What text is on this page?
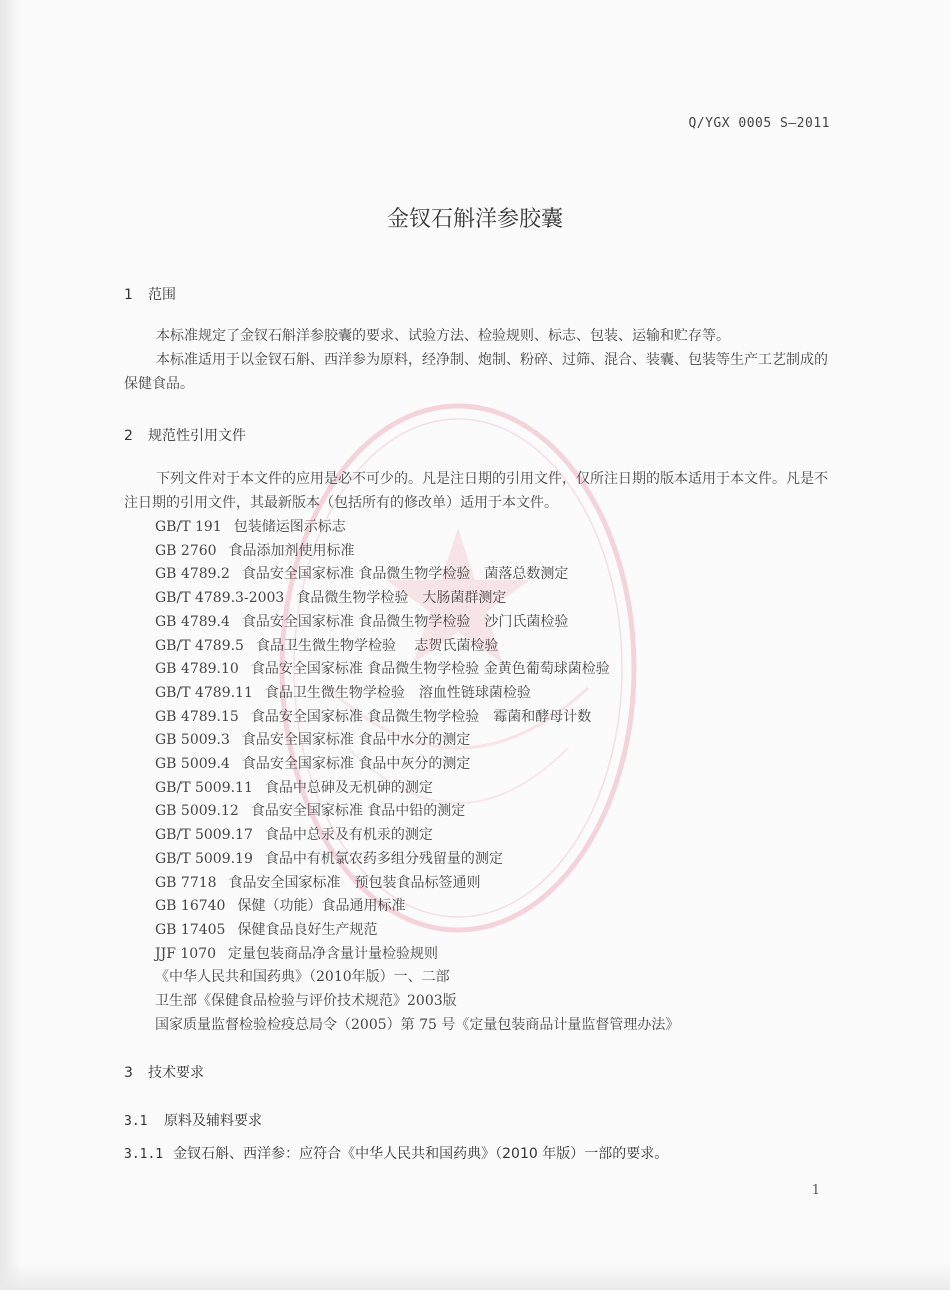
Q/YGX 0005 S—2011
金钗石斛洋参胶囊
1 范围
本标准规定了金钗石斛洋参胶囊的要求、试验方法、检验规则、标志、包装、运输和贮存等。
本标准适用于以金钗石斛、西洋参为原料，经净制、炮制、粉碎、过筛、混合、装囊、包装等生产工艺制成的保健食品。
2 规范性引用文件
下列文件对于本文件的应用是必不可少的。凡是注日期的引用文件，仅所注日期的版本适用于本文件。凡是不注日期的引用文件，其最新版本（包括所有的修改单）适用于本文件。
GB/T 191 包装储运图示标志
GB 2760 食品添加剂使用标准
GB 4789.2 食品安全国家标准 食品微生物学检验　菌落总数测定
GB/T 4789.3-2003 食品微生物学检验　大肠菌群测定
GB 4789.4 食品安全国家标准 食品微生物学检验　沙门氏菌检验
GB/T 4789.5 食品卫生微生物学检验　 志贺氏菌检验
GB 4789.10 食品安全国家标准 食品微生物学检验 金黄色葡萄球菌检验
GB/T 4789.11 食品卫生微生物学检验　溶血性链球菌检验
GB 4789.15 食品安全国家标准 食品微生物学检验　霉菌和酵母计数
GB 5009.3 食品安全国家标准 食品中水分的测定
GB 5009.4 食品安全国家标准 食品中灰分的测定
GB/T 5009.11 食品中总砷及无机砷的测定
GB 5009.12 食品安全国家标准 食品中铅的测定
GB/T 5009.17 食品中总汞及有机汞的测定
GB/T 5009.19 食品中有机氯农药多组分残留量的测定
GB 7718 食品安全国家标准　预包装食品标签通则
GB 16740 保健（功能）食品通用标准
GB 17405 保健食品良好生产规范
JJF 1070 定量包装商品净含量计量检验规则
《中华人民共和国药典》（2010年版）一、二部
卫生部《保健食品检验与评价技术规范》2003版
国家质量监督检验检疫总局令（2005）第 75 号《定量包装商品计量监督管理办法》
3 技术要求
3.1 原料及辅料要求
3.1.1 金钗石斛、西洋参：应符合《中华人民共和国药典》（2010 年版）一部的要求。
1
